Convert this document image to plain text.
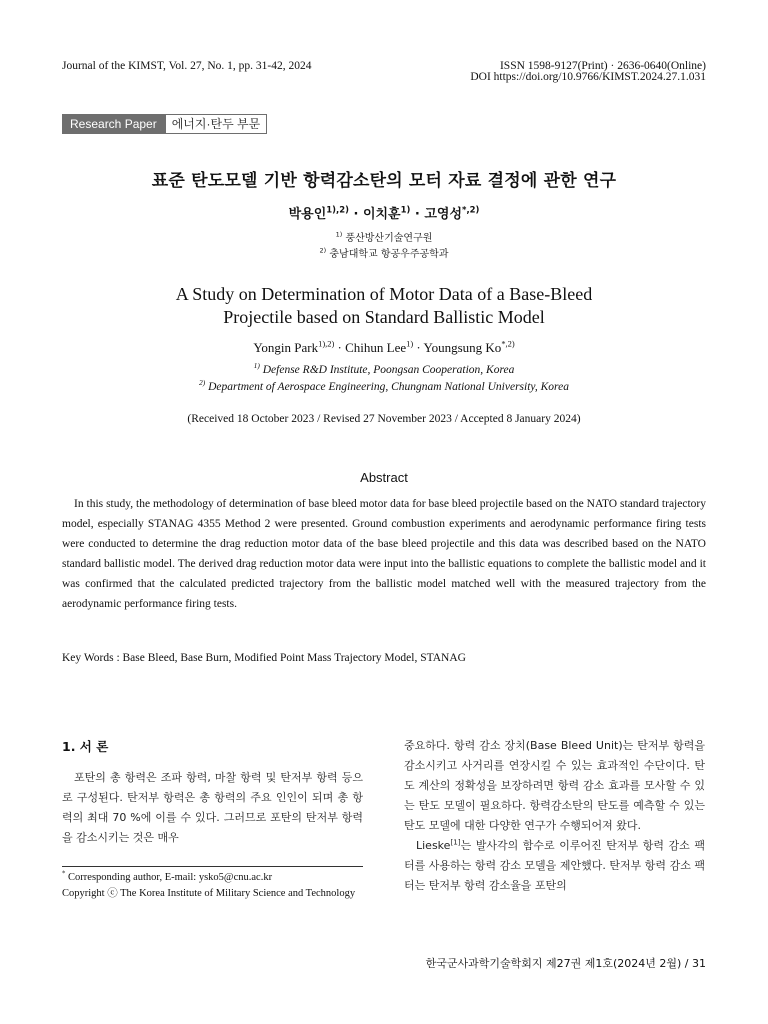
Journal of the KIMST, Vol. 27, No. 1, pp. 31-42, 2024	ISSN 1598-9127(Print) · 2636-0640(Online)
DOI https://doi.org/10.9766/KIMST.2024.27.1.031
Research Paper	에너지·탄두 부문
표준 탄도모델 기반 항력감소탄의 모터 자료 결정에 관한 연구
박용인$^{1),2)}$ · 이치훈$^{1)}$ · 고영성$^{*,2)}$
$^{1)}$ 풍산방산기술연구원
$^{2)}$ 충남대학교 항공우주공학과
A Study on Determination of Motor Data of a Base-Bleed
Projectile based on Standard Ballistic Model
Yongin Park$^{1),2)}$ · Chihun Lee$^{1)}$ · Youngsung $Ko^{*,2)}$
$^{1)}$ Defense R&D Institute, Poongsan Cooperation, Korea
$^{2)}$ Department of Aerospace Engineering, Chungnam National University, Korea
(Received 18 October 2023 / Revised 27 November 2023 / Accepted 8 January 2024)
Abstract
In this study, the methodology of determination of base bleed motor data for base bleed projectile based on the NATO standard trajectory model, especially STANAG 4355 Method 2 were presented. Ground combustion experiments and aerodynamic performance firing tests were conducted to determine the drag reduction motor data of the base bleed projectile and this data was described based on the NATO standard ballistic model. The derived drag reduction motor data were input into the ballistic equations to complete the ballistic model and it was confirmed that the calculated predicted trajectory from the ballistic model matched well with the measured trajectory from the aerodynamic performance firing tests.
Key Words : Base Bleed, Base Burn, Modified Point Mass Trajectory Model, STANAG
1. 서 론

포탄의 총 항력은 조파 항력, 마찰 항력 및 탄저부 항력 등으로 구성된다. 탄저부 항력은 총 항력의 주요 인인이 되며 총 항력의 최대 70 %에 이를 수 있다. 그러므로 포탄의 탄저부 항력을 감소시키는 것은 매우

중요하다. 항력 감소 장치(Base Bleed Unit)는 탄저부 항력을 감소시키고 사거리를 연장시킬 수 있는 효과적인 수단이다. 탄도 계산의 정확성을 보장하려면 항력 감소 효과를 모사할 수 있는 탄도 모델이 필요하다. 항력감소탄의 탄도를 예측할 수 있는 탄도 모델에 대한 다양한 연구가 수행되어져 왔다.

Lieske[1]는 발사각의 함수로 이루어진 탄저부 항력 감소 팩터를 사용하는 항력 감소 모델을 제안했다. 탄저부 항력 감소 팩터는 탄저부 항력 감소율을 포탄의

* Corresponding author, E-mail: ysko5@cnu.ac.kr
Copyright ⓒ The Korea Institute of Military Science and Technology
한국군사과학기술학회지 제27권 제1호(2024년 2월) / 31
